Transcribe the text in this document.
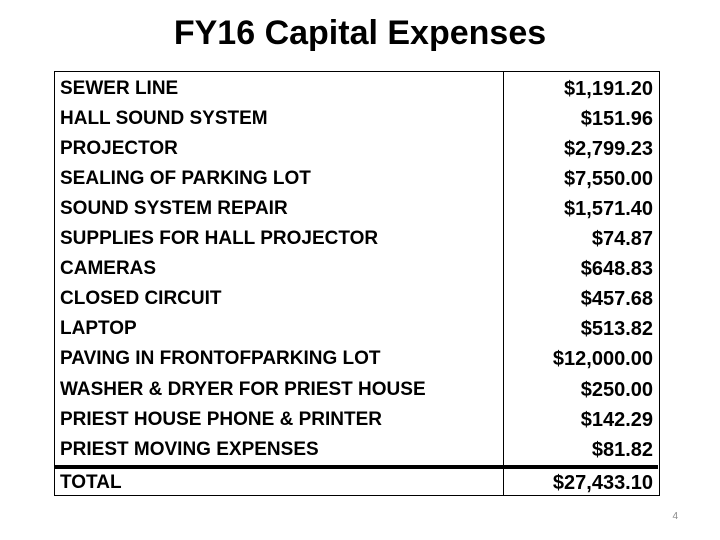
FY16 Capital Expenses
SEWER LINE	$1,191.20
HALL SOUND SYSTEM	$151.96
PROJECTOR	$2,799.23
SEALING OF PARKING LOT	$7,550.00
SOUND SYSTEM REPAIR	$1,571.40
SUPPLIES FOR HALL PROJECTOR	$74.87
CAMERAS	$648.83
CLOSED CIRCUIT	$457.68
LAPTOP	$513.82
PAVING IN FRONTOFPARKING LOT	$12,000.00
WASHER & DRYER FOR PRIEST HOUSE	$250.00
PRIEST HOUSE PHONE & PRINTER	$142.29
PRIEST MOVING EXPENSES	$81.82
TOTAL	$27,433.10
4
